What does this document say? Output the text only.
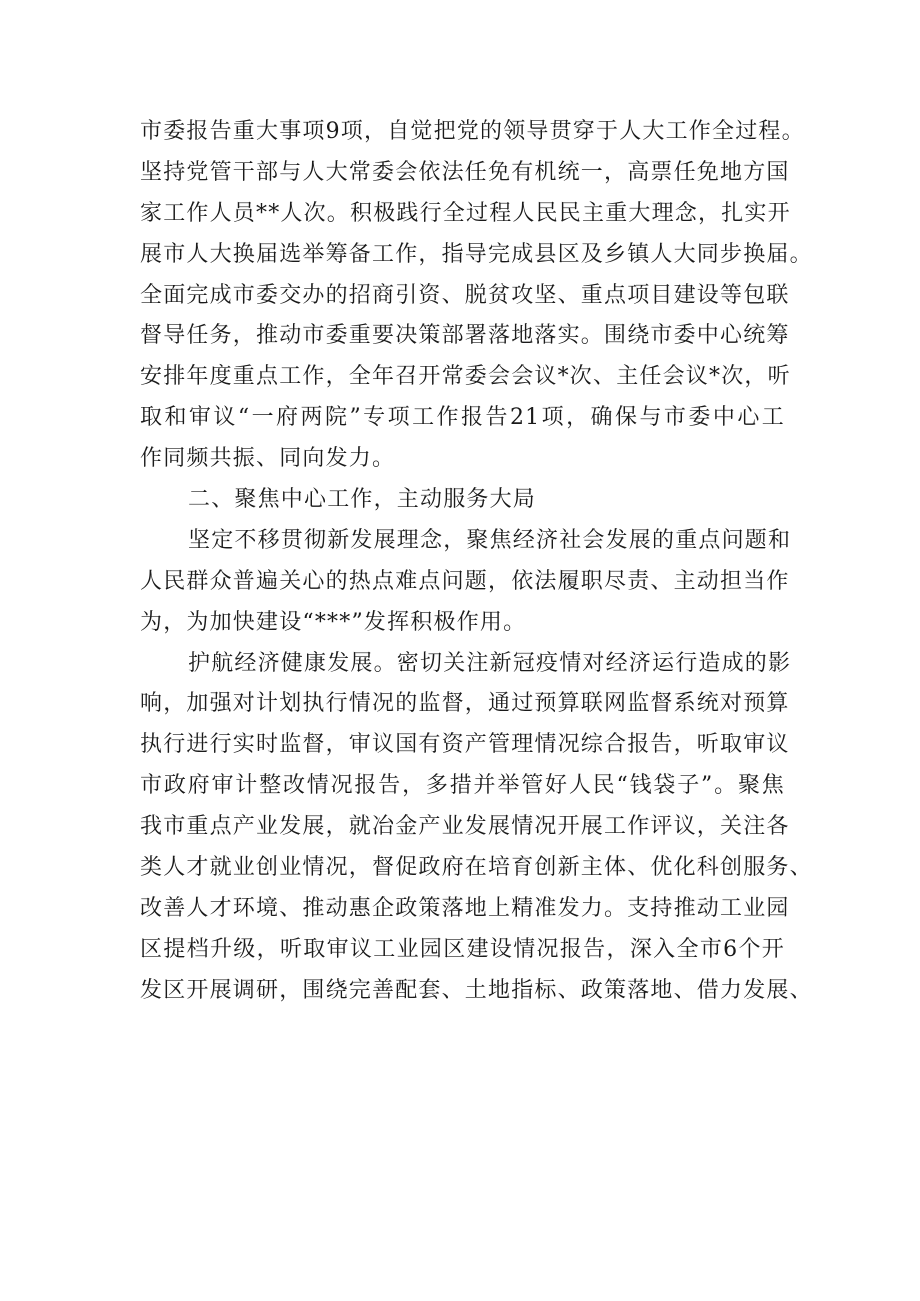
市委报告重大事项9项，自觉把党的领导贯穿于人大工作全过程。
坚持党管干部与人大常委会依法任免有机统一，高票任免地方国
家工作人员**人次。积极践行全过程人民民主重大理念，扎实开
展市人大换届选举筹备工作，指导完成县区及乡镇人大同步换届。
全面完成市委交办的招商引资、脱贫攻坚、重点项目建设等包联
督导任务，推动市委重要决策部署落地落实。围绕市委中心统筹
安排年度重点工作，全年召开常委会会议*次、主任会议*次，听
取和审议“一府两院”专项工作报告21项，确保与市委中心工
作同频共振、同向发力。
二、聚焦中心工作，主动服务大局
坚定不移贯彻新发展理念，聚焦经济社会发展的重点问题和
人民群众普遍关心的热点难点问题，依法履职尽责、主动担当作
为，为加快建设“***”发挥积极作用。
护航经济健康发展。密切关注新冠疫情对经济运行造成的影
响，加强对计划执行情况的监督，通过预算联网监督系统对预算
执行进行实时监督，审议国有资产管理情况综合报告，听取审议
市政府审计整改情况报告，多措并举管好人民“钱袋子”。聚焦
我市重点产业发展，就冶金产业发展情况开展工作评议，关注各
类人才就业创业情况，督促政府在培育创新主体、优化科创服务、
改善人才环境、推动惠企政策落地上精准发力。支持推动工业园
区提档升级，听取审议工业园区建设情况报告，深入全市6个开
发区开展调研，围绕完善配套、土地指标、政策落地、借力发展、
